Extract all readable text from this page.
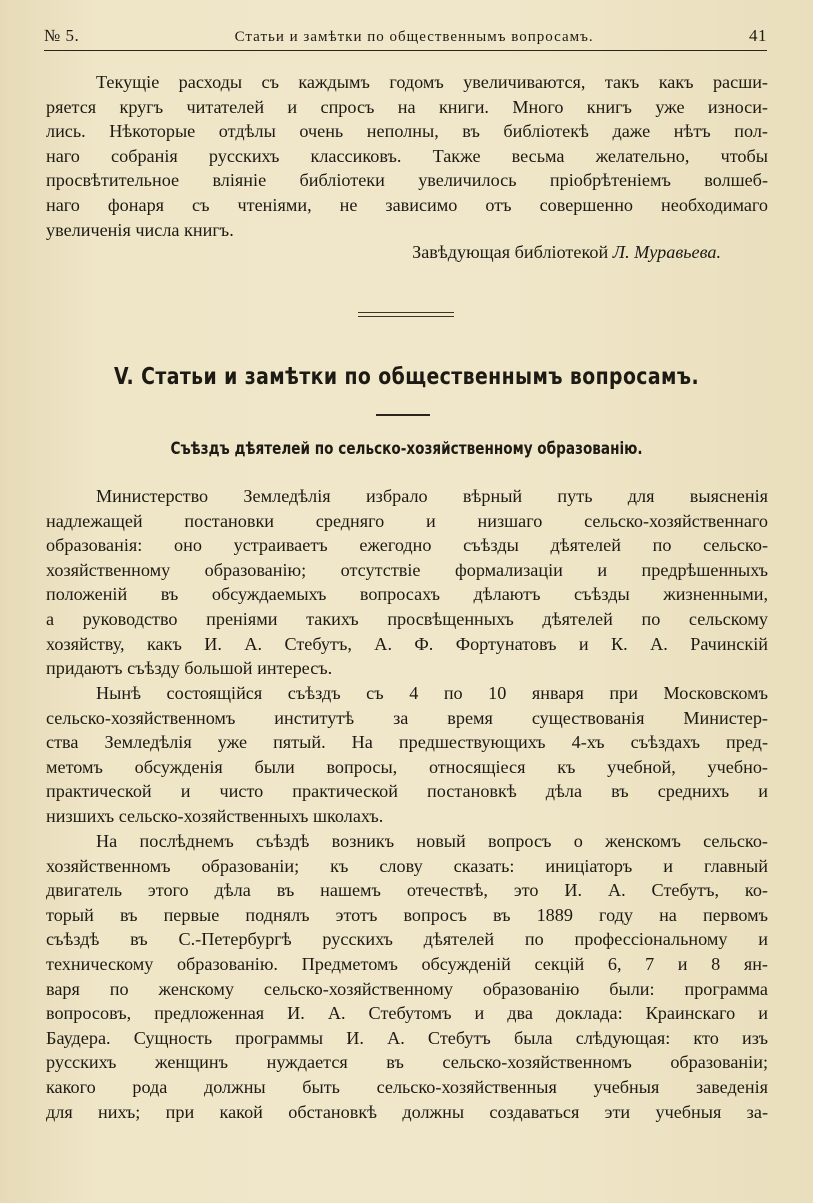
№ 5.	Статьи и замѣтки по общественнымъ вопросамъ.	41
Текущіе расходы съ каждымъ годомъ увеличиваются, такъ какъ расши-
ряется кругъ читателей и спросъ на книги. Много книгъ уже износи-
лись. Нѣкоторые отдѣлы очень неполны, въ библіотекѣ даже нѣтъ пол-
наго собранія русскихъ классиковъ. Также весьма желательно, чтобы
просвѣтительное вліяніе библіотеки увеличилось пріобрѣтеніемъ волшеб-
наго фонаря съ чтеніями, не зависимо отъ совершенно необходимаго
увеличенія числа книгъ.
Завѣдующая библіотекой Л. Муравьева.
V. Статьи и замѣтки по общественнымъ вопросамъ.
Съѣздъ дѣятелей по сельско-хозяйственному образованію.
Министерство Земледѣлія избрало вѣрный путь для выясненія
надлежащей постановки средняго и низшаго сельско-хозяйственнаго
образованія: оно устраиваетъ ежегодно съѣзды дѣятелей по сельско-
хозяйственному образованію; отсутствіе формализаціи и предрѣшенныхъ
положеній въ обсуждаемыхъ вопросахъ дѣлаютъ съѣзды жизненными,
а руководство преніями такихъ просвѣщенныхъ дѣятелей по сельскому
хозяйству, какъ И. А. Стебутъ, А. Ф. Фортунатовъ и К. А. Рачинскій
придаютъ съѣзду большой интересъ.
Нынѣ состоящійся съѣздъ съ 4 по 10 января при Московскомъ
сельско-хозяйственномъ институтѣ за время существованія Министер-
ства Земледѣлія уже пятый. На предшествующихъ 4-хъ съѣздахъ пред-
метомъ обсужденія были вопросы, относящіеся къ учебной, учебно-
практической и чисто практической постановкѣ дѣла въ среднихъ и
низшихъ сельско-хозяйственныхъ школахъ.
На послѣднемъ съѣздѣ возникъ новый вопросъ о женскомъ сельско-
хозяйственномъ образованіи; къ слову сказать: иниціаторъ и главный
двигатель этого дѣла въ нашемъ отечествѣ, это И. А. Стебутъ, ко-
торый въ первые поднялъ этотъ вопросъ въ 1889 году на первомъ
съѣздѣ въ С.-Петербургѣ русскихъ дѣятелей по профессіональному и
техническому образованію. Предметомъ обсужденій секцій 6, 7 и 8 ян-
варя по женскому сельско-хозяйственному образованію были: программа
вопросовъ, предложенная И. А. Стебутомъ и два доклада: Краинскаго и
Баудера. Сущность программы И. А. Стебутъ была слѣдующая: кто изъ
русскихъ женщинъ нуждается въ сельско-хозяйственномъ образованіи;
какого рода должны быть сельско-хозяйственныя учебныя заведенія
для нихъ; при какой обстановкѣ должны создаваться эти учебныя за-
